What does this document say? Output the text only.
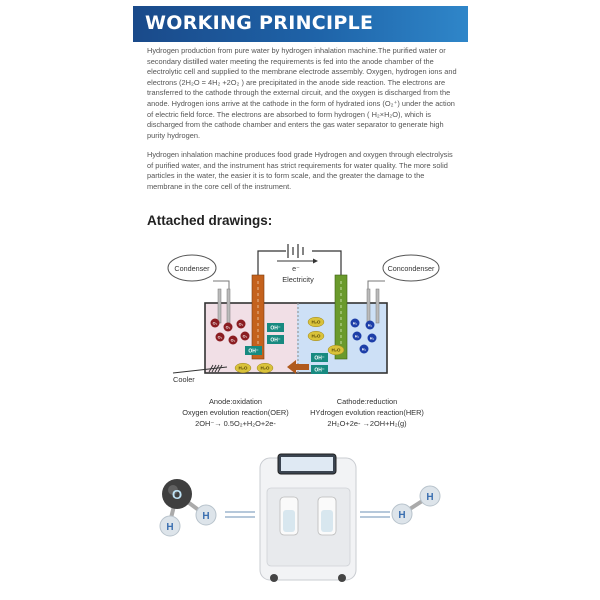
WORKING PRINCIPLE
Hydrogen production from pure water by hydrogen inhalation machine.The purified water or secondary distilled water meeting the requirements is fed into the anode chamber of the electrolytic cell and supplied to the membrane electrode assembly. Oxygen, hydrogen ions and electrons (2H₂O = 4H₂ +2O₂ ) are precipitated in the anode side reaction. The electrons are transferred to the cathode through the external circuit, and the oxygen is discharged from the anode. Hydrogen ions arrive at the cathode in the form of hydrated ions (O₂⁺) under the action of electric field force. The electrons are absorbed to form hydrogen ( H₂×H₂O), which is discharged from the cathode chamber and enters the gas water separator to generate high purity hydrogen.
Hydrogen inhalation machine produces food grade Hydrogen and oxygen through electrolysis of purified water, and the instrument has strict requirements for water quality. The more solid particles in the water, the easier it is to form scale, and the greater the damage to the membrane in the core cell of the instrument.
Attached drawings:
e⁻
Electricity
Condenser	Concondenser
O₂
O₂
O₂
O₂
O₂
O₂
H₂	H₂
H₂	H₂
H₂
H₂O
H₂O
H₂O
H₂O	H₂O
OH⁻
OH⁻
OH⁻
OH⁻
OH⁻
Cooler
Anode:oxidation
Oxygen evolution reaction(OER)
2OH⁻→ 0.5O₂+H₂O+2e-
Cathode:reduction
HYdrogen evolution reaction(HER)
2H₂O+2e- →2OH+H₂(g)
O
H
H	H
H
